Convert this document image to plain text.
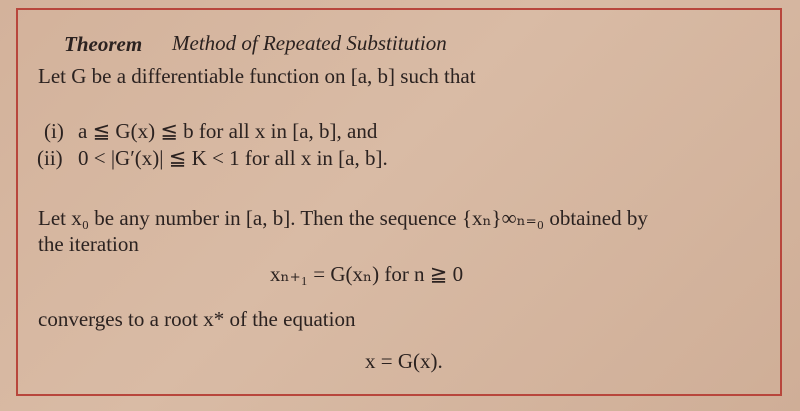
Theorem Method of Repeated Substitution
Let G be a differentiable function on [a, b] such that
(i) a ≦ G(x) ≦ b for all x in [a, b], and
(ii) 0 < |G′(x)| ≦ K < 1 for all x in [a, b].
Let x₀ be any number in [a, b]. Then the sequence {xₙ}∞ₙ₌₀ obtained by
the iteration
xₙ₊₁ = G(xₙ) for n ≧ 0
converges to a root x* of the equation
x = G(x).
